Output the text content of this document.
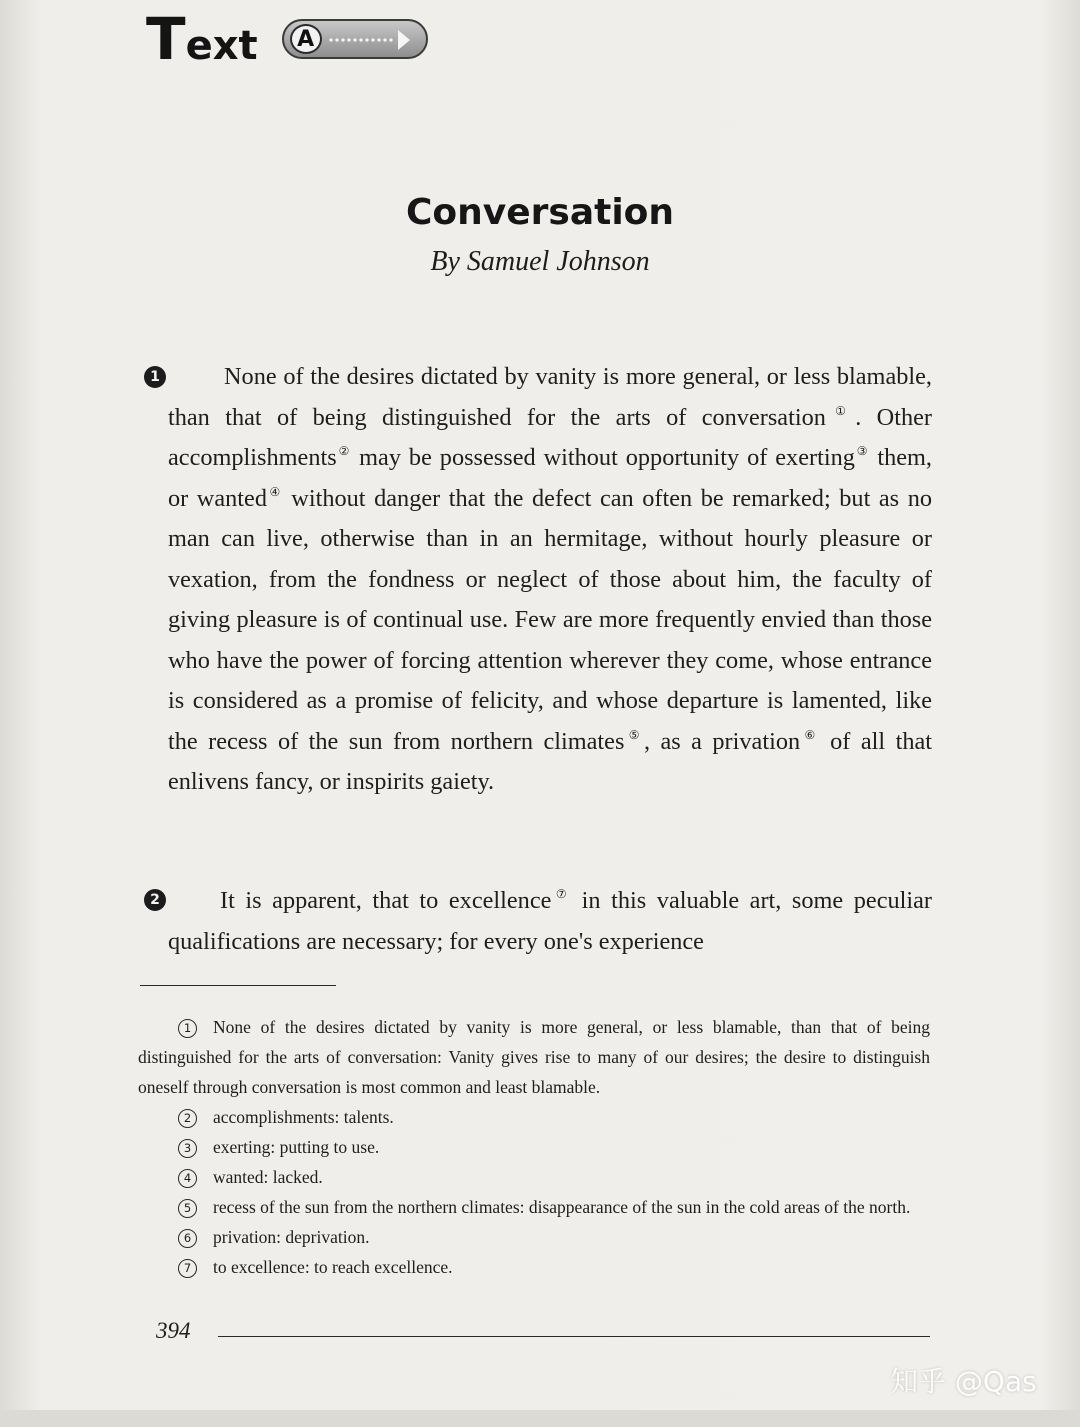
Text	A
Conversation
By Samuel Johnson
1	None of the desires dictated by vanity is more general, or less blamable, than that of being distinguished for the arts of conversation①. Other accomplishments② may be possessed without opportunity of exerting③ them, or wanted④ without danger that the defect can often be remarked; but as no man can live, otherwise than in an hermitage, without hourly pleasure or vexation, from the fondness or neglect of those about him, the faculty of giving pleasure is of continual use. Few are more frequently envied than those who have the power of forcing attention wherever they come, whose entrance is considered as a promise of felicity, and whose departure is lamented, like the recess of the sun from northern climates⑤, as a privation⑥ of all that enlivens fancy, or inspirits gaiety.
2	It is apparent, that to excellence⑦ in this valuable art, some peculiar qualifications are necessary; for every one's experience
1 None of the desires dictated by vanity is more general, or less blamable, than that of being distinguished for the arts of conversation: Vanity gives rise to many of our desires; the desire to distinguish oneself through conversation is most common and least blamable.
2 accomplishments: talents.
3 exerting: putting to use.
4 wanted: lacked.
5 recess of the sun from the northern climates: disappearance of the sun in the cold areas of the north.
6 privation: deprivation.
7 to excellence: to reach excellence.
394
知乎 @Qas
